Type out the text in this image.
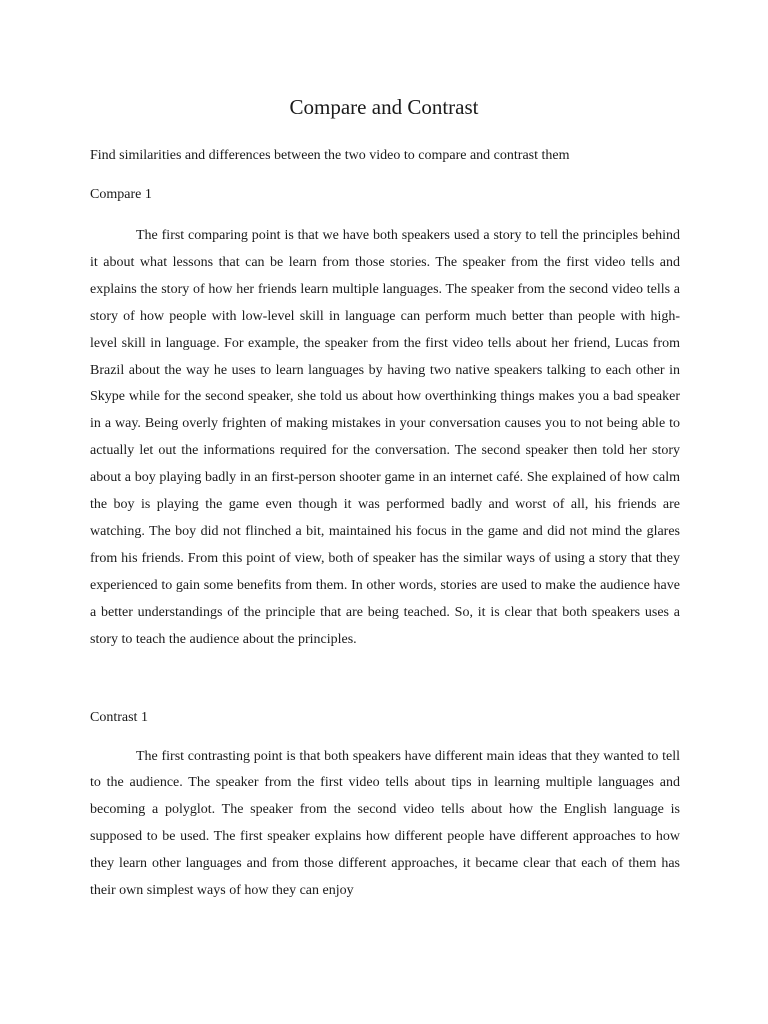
Compare and Contrast

Find similarities and differences between the two video to compare and contrast them

Compare 1

The first comparing point is that we have both speakers used a story to tell the principles behind it about what lessons that can be learn from those stories. The speaker from the first video tells and explains the story of how her friends learn multiple languages. The speaker from the second video tells a story of how people with low-level skill in language can perform much better than people with high-level skill in language. For example, the speaker from the first video tells about her friend, Lucas from Brazil about the way he uses to learn languages by having two native speakers talking to each other in Skype while for the second speaker, she told us about how overthinking things makes you a bad speaker in a way. Being overly frighten of making mistakes in your conversation causes you to not being able to actually let out the informations required for the conversation. The second speaker then told her story about a boy playing badly in an first-person shooter game in an internet café. She explained of how calm the boy is playing the game even though it was performed badly and worst of all, his friends are watching. The boy did not flinched a bit, maintained his focus in the game and did not mind the glares from his friends. From this point of view, both of speaker has the similar ways of using a story that they experienced to gain some benefits from them. In other words, stories are used to make the audience have a better understandings of the principle that are being teached. So, it is clear that both speakers uses a story to teach the audience about the principles.

Contrast 1

The first contrasting point is that both speakers have different main ideas that they wanted to tell to the audience. The speaker from the first video tells about tips in learning multiple languages and becoming a polyglot. The speaker from the second video tells about how the English language is supposed to be used. The first speaker explains how different people have different approaches to how they learn other languages and from those different approaches, it became clear that each of them has their own simplest ways of how they can enjoy
